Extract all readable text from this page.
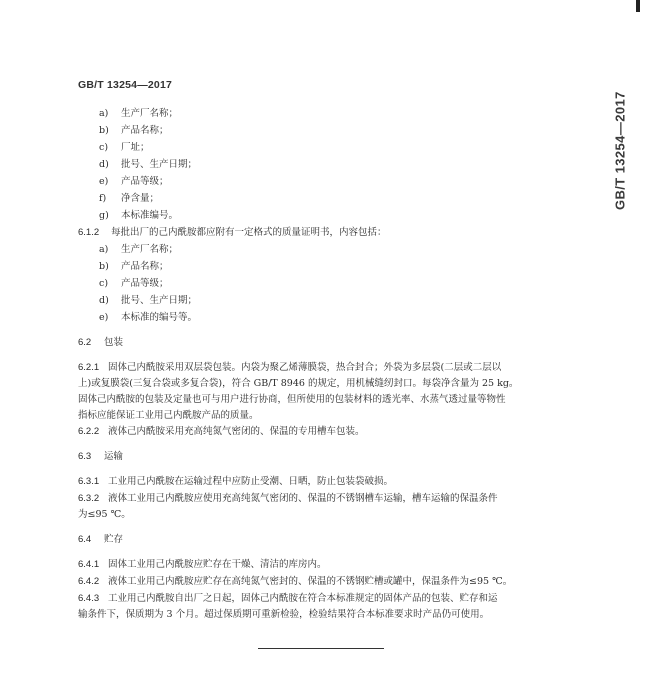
GB/T 13254—2017
GB/T 13254—2017
a) 生产厂名称；
b) 产品名称；
c) 厂址；
d) 批号、生产日期；
e) 产品等级；
f) 净含量；
g) 本标准编号。
6.1.2 每批出厂的己内酰胺都应附有一定格式的质量证明书，内容包括：
a) 生产厂名称；
b) 产品名称；
c) 产品等级；
d) 批号、生产日期；
e) 本标准的编号等。
6.2 包装
6.2.1 固体己内酰胺采用双层袋包装。内袋为聚乙烯薄膜袋，热合封合；外袋为多层袋(二层或二层以
上)或复膜袋(三复合袋或多复合袋)，符合 GB/T 8946 的规定，用机械缝纫封口。每袋净含量为 25 kg。
固体己内酰胺的包装及定量也可与用户进行协商，但所使用的包装材料的透光率、水蒸气透过量等物性
指标应能保证工业用己内酰胺产品的质量。
6.2.2 液体己内酰胺采用充高纯氮气密闭的、保温的专用槽车包装。
6.3 运输
6.3.1 工业用己内酰胺在运输过程中应防止受潮、日晒，防止包装袋破损。
6.3.2 液体工业用己内酰胺应使用充高纯氮气密闭的、保温的不锈钢槽车运输，槽车运输的保温条件
为≤95 ℃。
6.4 贮存
6.4.1 固体工业用己内酰胺应贮存在干燥、清洁的库房内。
6.4.2 液体工业用己内酰胺应贮存在高纯氮气密封的、保温的不锈钢贮槽或罐中，保温条件为≤95 ℃。
6.4.3 工业用己内酰胺自出厂之日起，固体己内酰胺在符合本标准规定的固体产品的包装、贮存和运
输条件下，保质期为 3 个月。超过保质期可重新检验，检验结果符合本标准要求时产品仍可使用。
